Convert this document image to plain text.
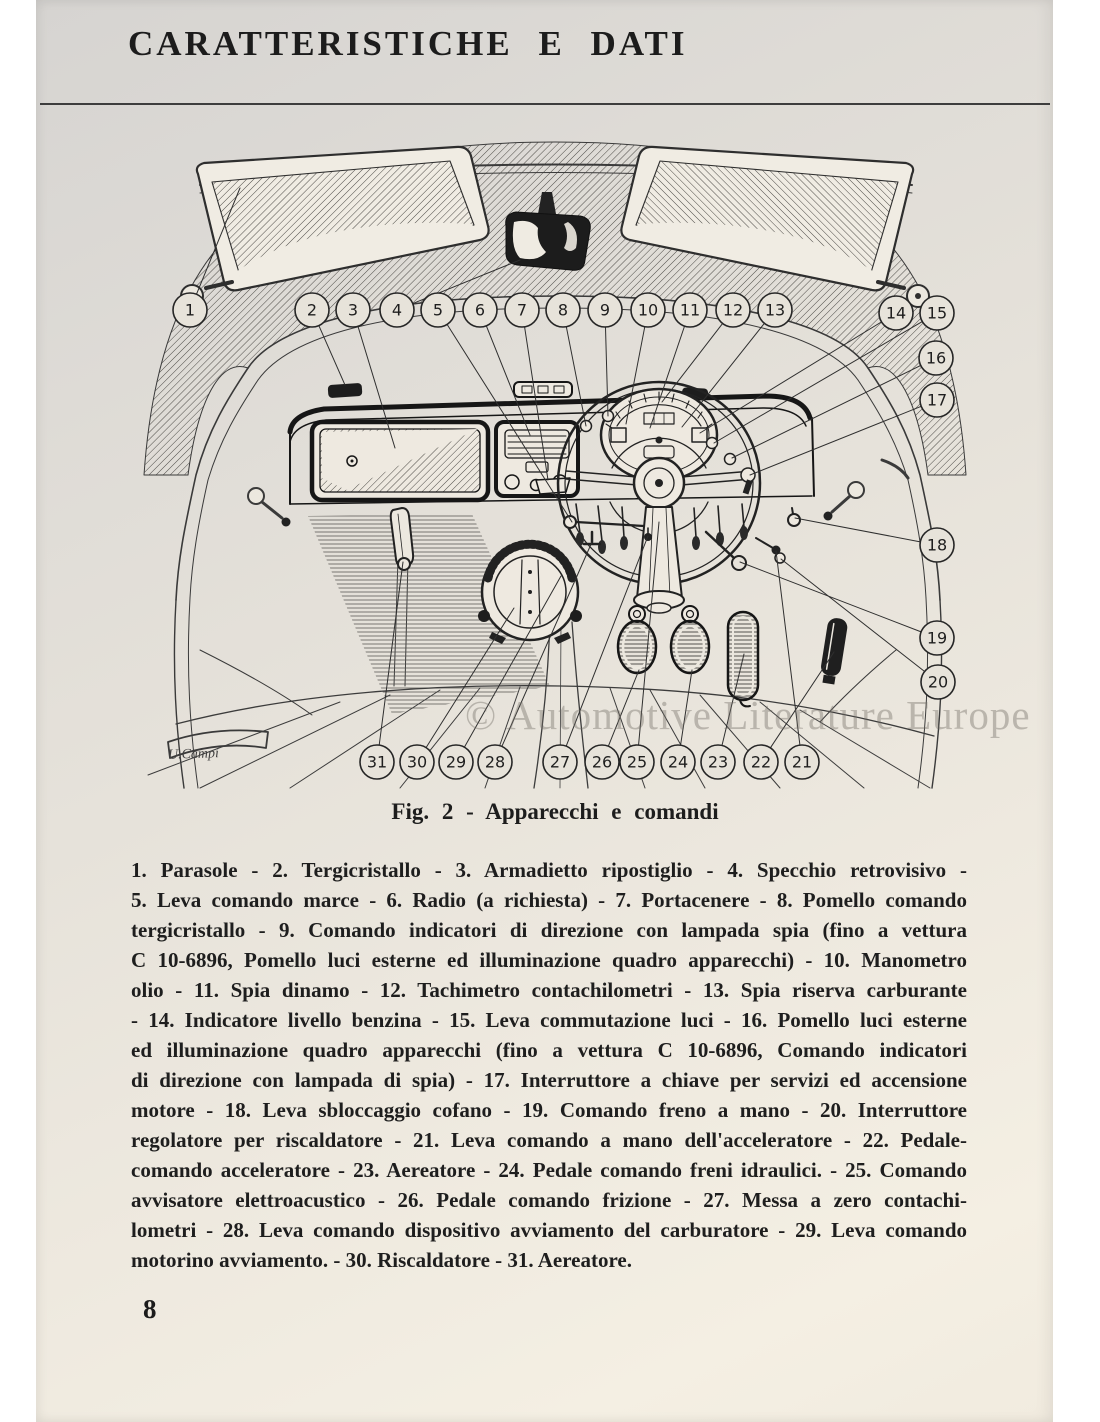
CARATTERISTICHE E DATI
1	2 3 4 5 6 7 8 9 10 11 12 13	14 15
16
17
18
19
20
21
22
23
24
25
26
27
28
29
30
31
© Automotive Literature Europe
U.Campi
Fig. 2 - Apparecchi e comandi
1. Parasole - 2. Tergicristallo - 3. Armadietto ripostiglio - 4. Specchio retrovisivo -
5. Leva comando marce - 6. Radio (a richiesta) - 7. Portacenere - 8. Pomello comando
tergicristallo - 9. Comando indicatori di direzione con lampada spia (fino a vettura
C 10-6896, Pomello luci esterne ed illuminazione quadro apparecchi) - 10. Manometro
olio - 11. Spia dinamo - 12. Tachimetro contachilometri - 13. Spia riserva carburante
- 14. Indicatore livello benzina - 15. Leva commutazione luci - 16. Pomello luci esterne
ed illuminazione quadro apparecchi (fino a vettura C 10-6896, Comando indicatori
di direzione con lampada di spia) - 17. Interruttore a chiave per servizi ed accensione
motore - 18. Leva sbloccaggio cofano - 19. Comando freno a mano - 20. Interruttore
regolatore per riscaldatore - 21. Leva comando a mano dell'acceleratore - 22. Pedale-
comando acceleratore - 23. Aereatore - 24. Pedale comando freni idraulici. - 25. Comando
avvisatore elettroacustico - 26. Pedale comando frizione - 27. Messa a zero contachi-
lometri - 28. Leva comando dispositivo avviamento del carburatore - 29. Leva comando
motorino avviamento. - 30. Riscaldatore - 31. Aereatore.
8
